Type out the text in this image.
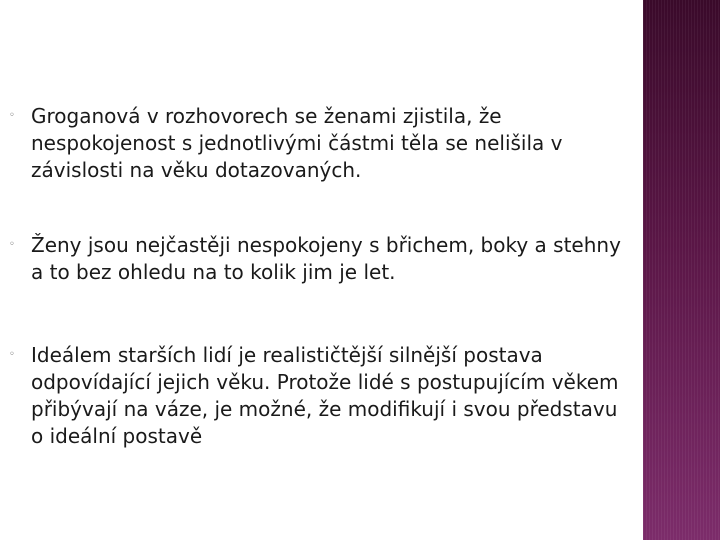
◦ Groganová v rozhovorech se ženami zjistila, že nespokojenost s jednotlivými částmi těla se nelišila v závislosti na věku dotazovaných.
◦ Ženy jsou nejčastěji nespokojeny s břichem, boky a stehny a to bez ohledu na to kolik jim je let.
◦ Ideálem starších lidí je realističtější silnější postava odpovídající jejich věku. Protože lidé s postupujícím věkem přibývají na váze, je možné, že modifikují i svou představu o ideální postavě
